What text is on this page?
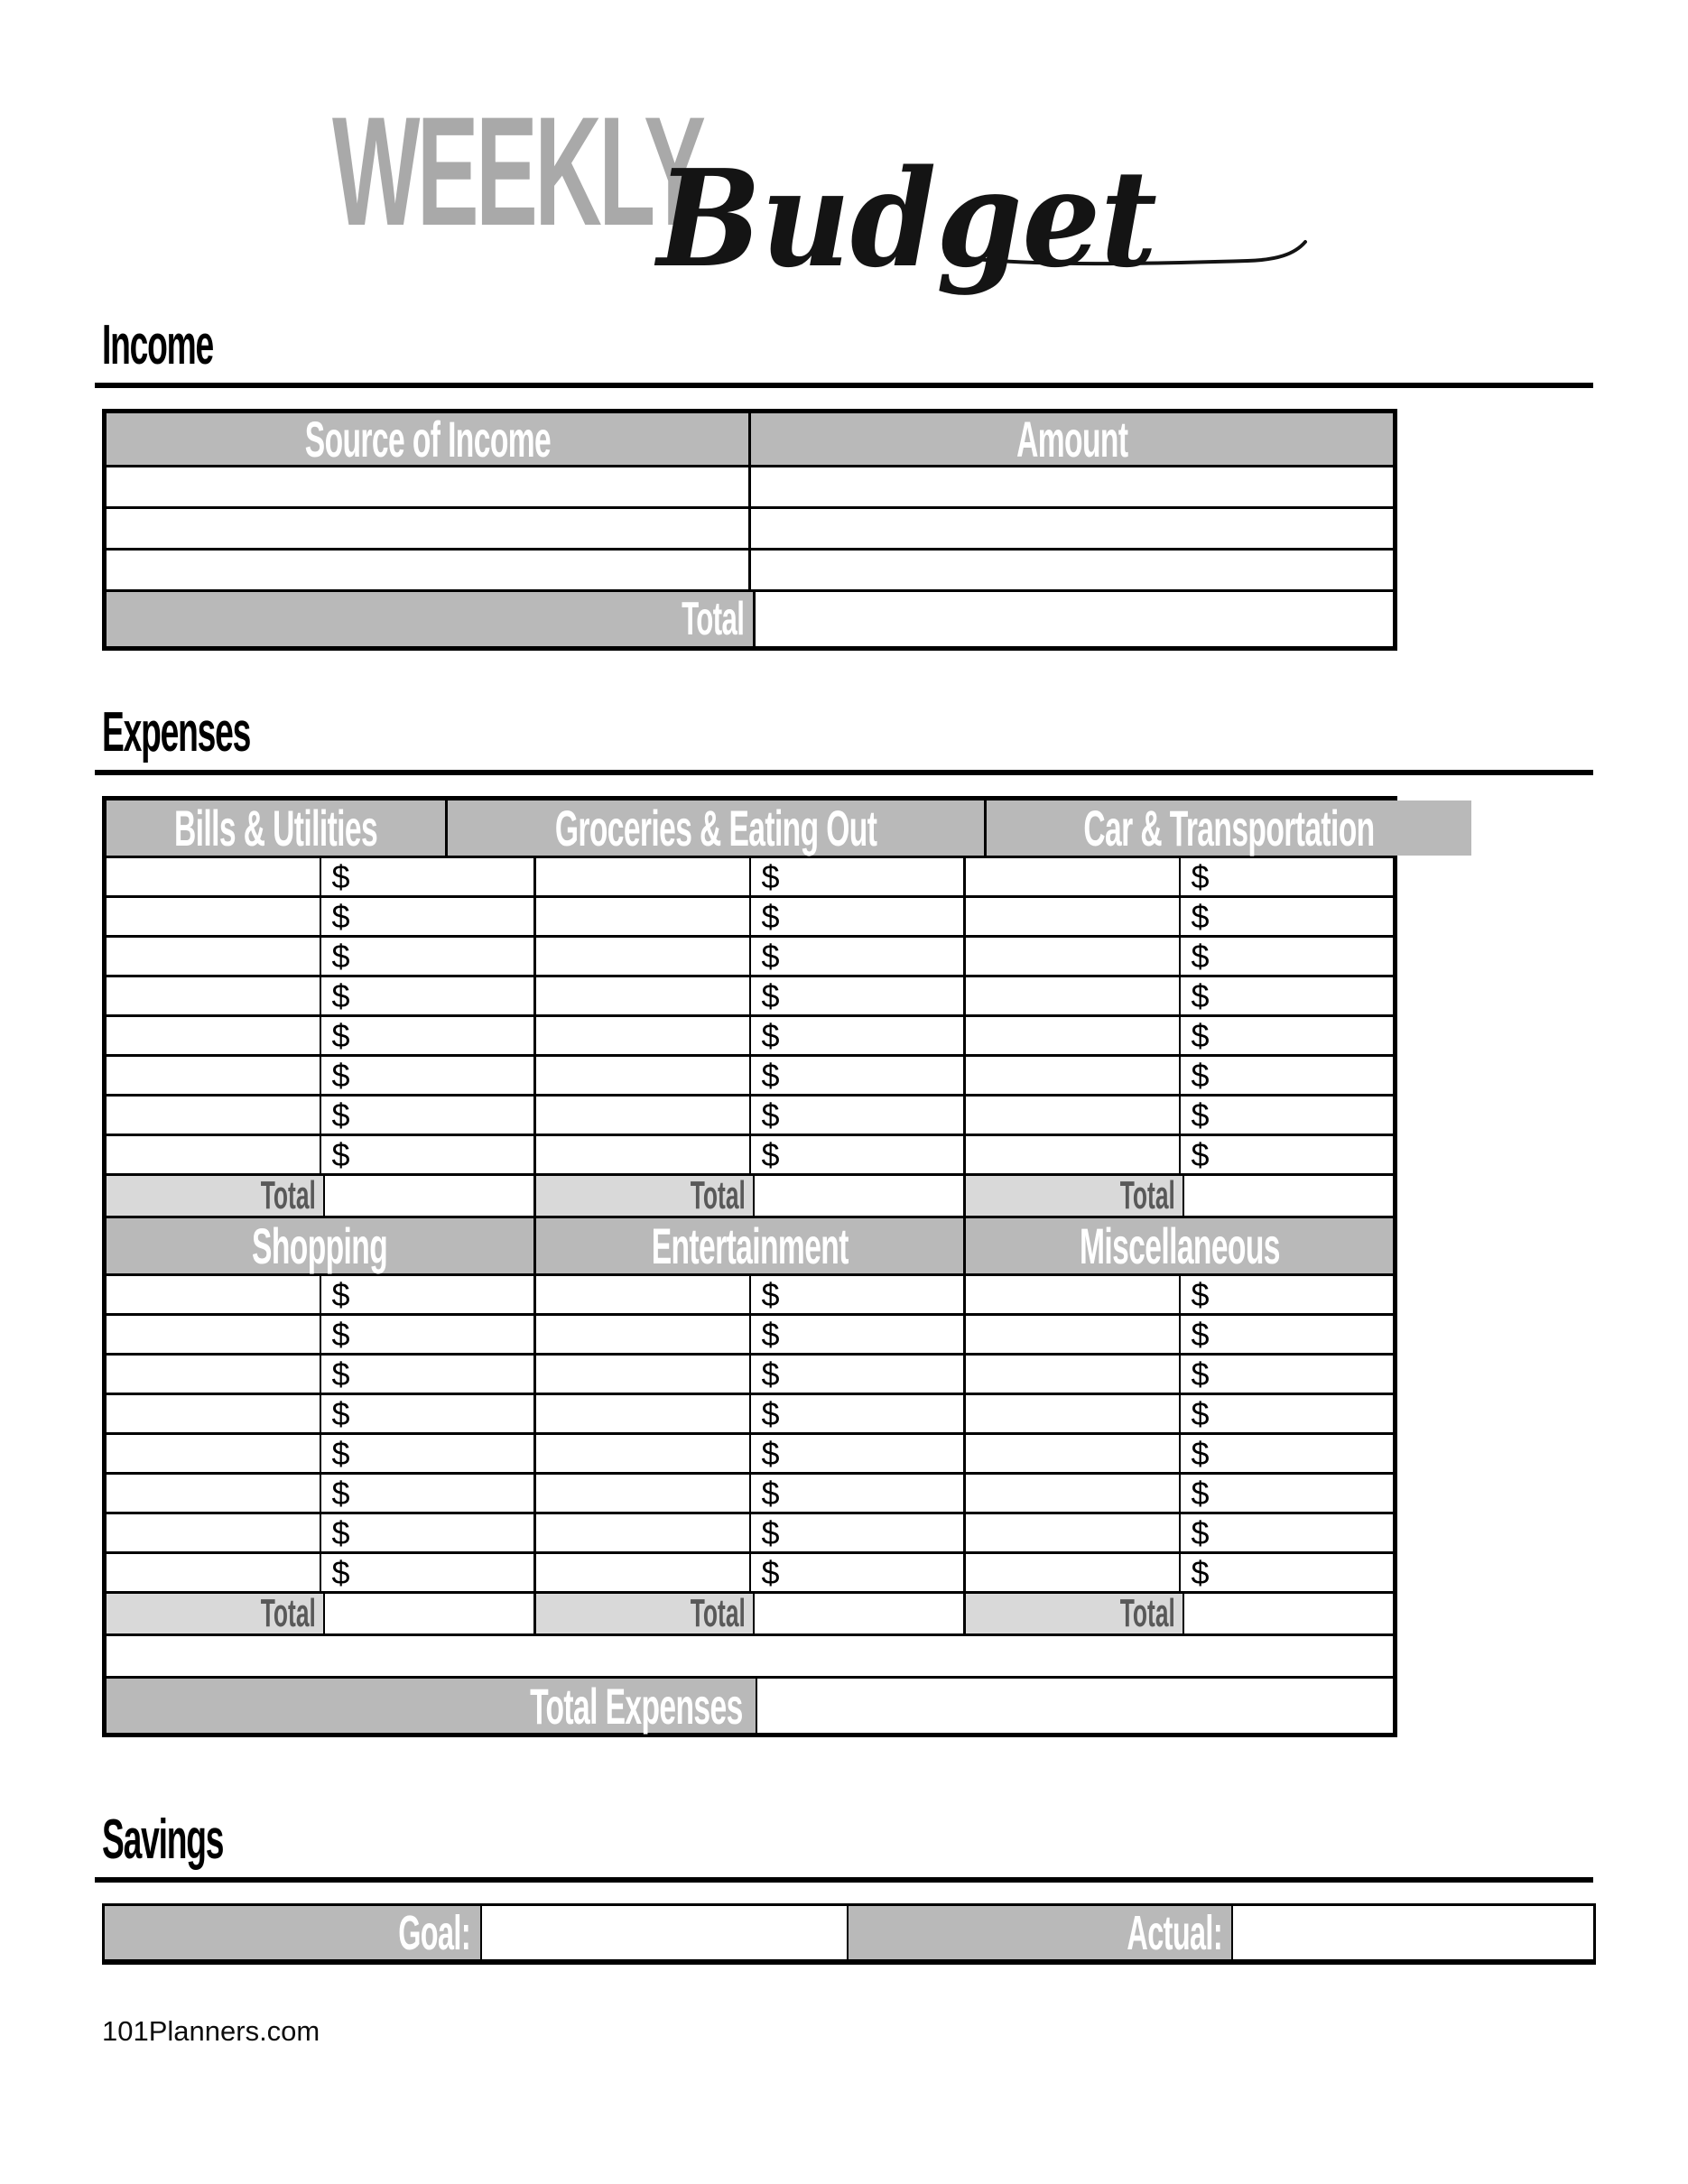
WEEKLY
Budget
Income
Source of Income	Amount
Total
Expenses
Bills & Utilities	Groceries & Eating Out	Car & Transportation
$	$	$
$	$	$
$	$	$
$	$	$
$	$	$
$	$	$
$	$	$
$	$	$
Total	Total	Total
Shopping	Entertainment	Miscellaneous
$	$	$
$	$	$
$	$	$
$	$	$
$	$	$
$	$	$
$	$	$
$	$	$
Total	Total	Total
Total Expenses
Savings
Goal:	Actual:
101Planners.com
